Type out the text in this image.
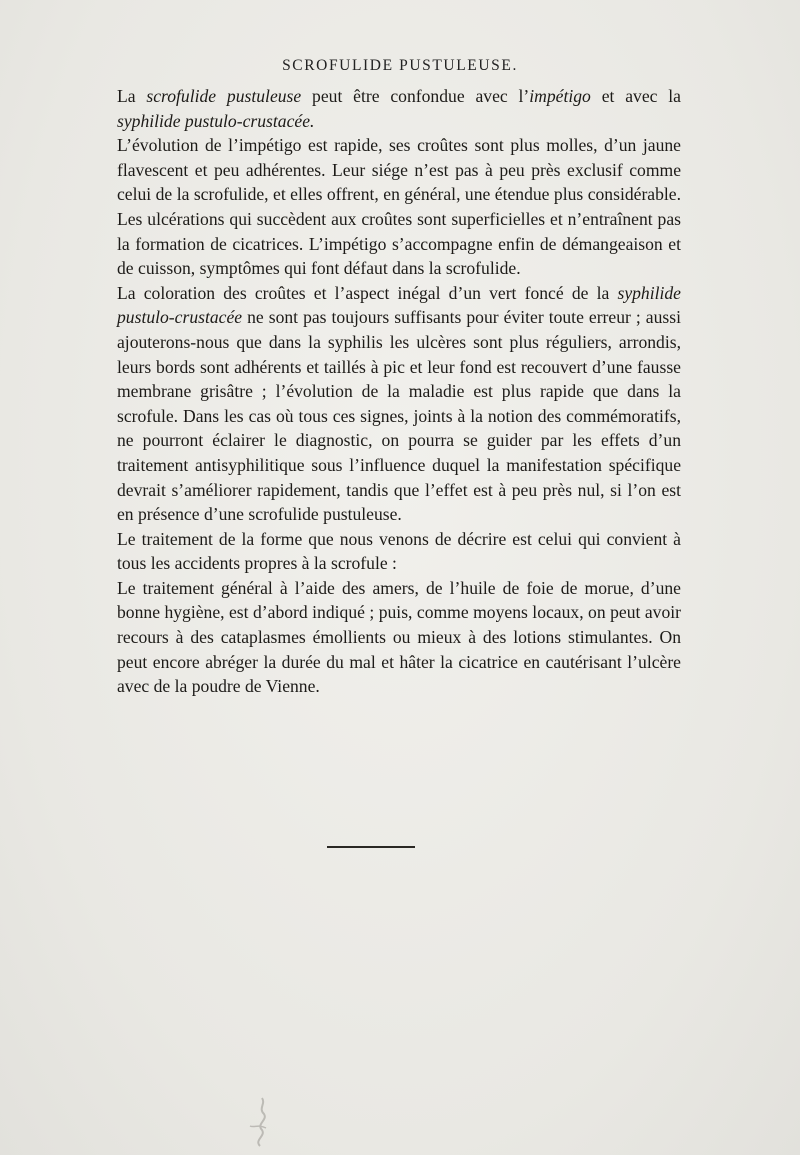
SCROFULIDE PUSTULEUSE.

La scrofulide pustuleuse peut être confondue avec l’impétigo et avec la syphilide pustulo-crustacée.

L’évolution de l’impétigo est rapide, ses croûtes sont plus molles, d’un jaune flavescent et peu adhérentes. Leur siége n’est pas à peu près exclusif comme celui de la scrofulide, et elles offrent, en général, une étendue plus considérable. Les ulcérations qui succèdent aux croûtes sont superficielles et n’entraînent pas la formation de cicatrices. L’impétigo s’accompagne enfin de démangeaison et de cuisson, symptômes qui font défaut dans la scrofulide.

La coloration des croûtes et l’aspect inégal d’un vert foncé de la syphilide pustulo-crustacée ne sont pas toujours suffisants pour éviter toute erreur ; aussi ajouterons-nous que dans la syphilis les ulcères sont plus réguliers, arrondis, leurs bords sont adhérents et taillés à pic et leur fond est recouvert d’une fausse membrane grisâtre ; l’évolution de la maladie est plus rapide que dans la scrofule. Dans les cas où tous ces signes, joints à la notion des commémoratifs, ne pourront éclairer le diagnostic, on pourra se guider par les effets d’un traitement antisyphilitique sous l’influence duquel la manifestation spécifique devrait s’améliorer rapidement, tandis que l’effet est à peu près nul, si l’on est en présence d’une scrofulide pustuleuse.

Le traitement de la forme que nous venons de décrire est celui qui convient à tous les accidents propres à la scrofule :

Le traitement général à l’aide des amers, de l’huile de foie de morue, d’une bonne hygiène, est d’abord indiqué ; puis, comme moyens locaux, on peut avoir recours à des cataplasmes émollients ou mieux à des lotions stimulantes. On peut encore abréger la durée du mal et hâter la cicatrice en cautérisant l’ulcère avec de la poudre de Vienne.
